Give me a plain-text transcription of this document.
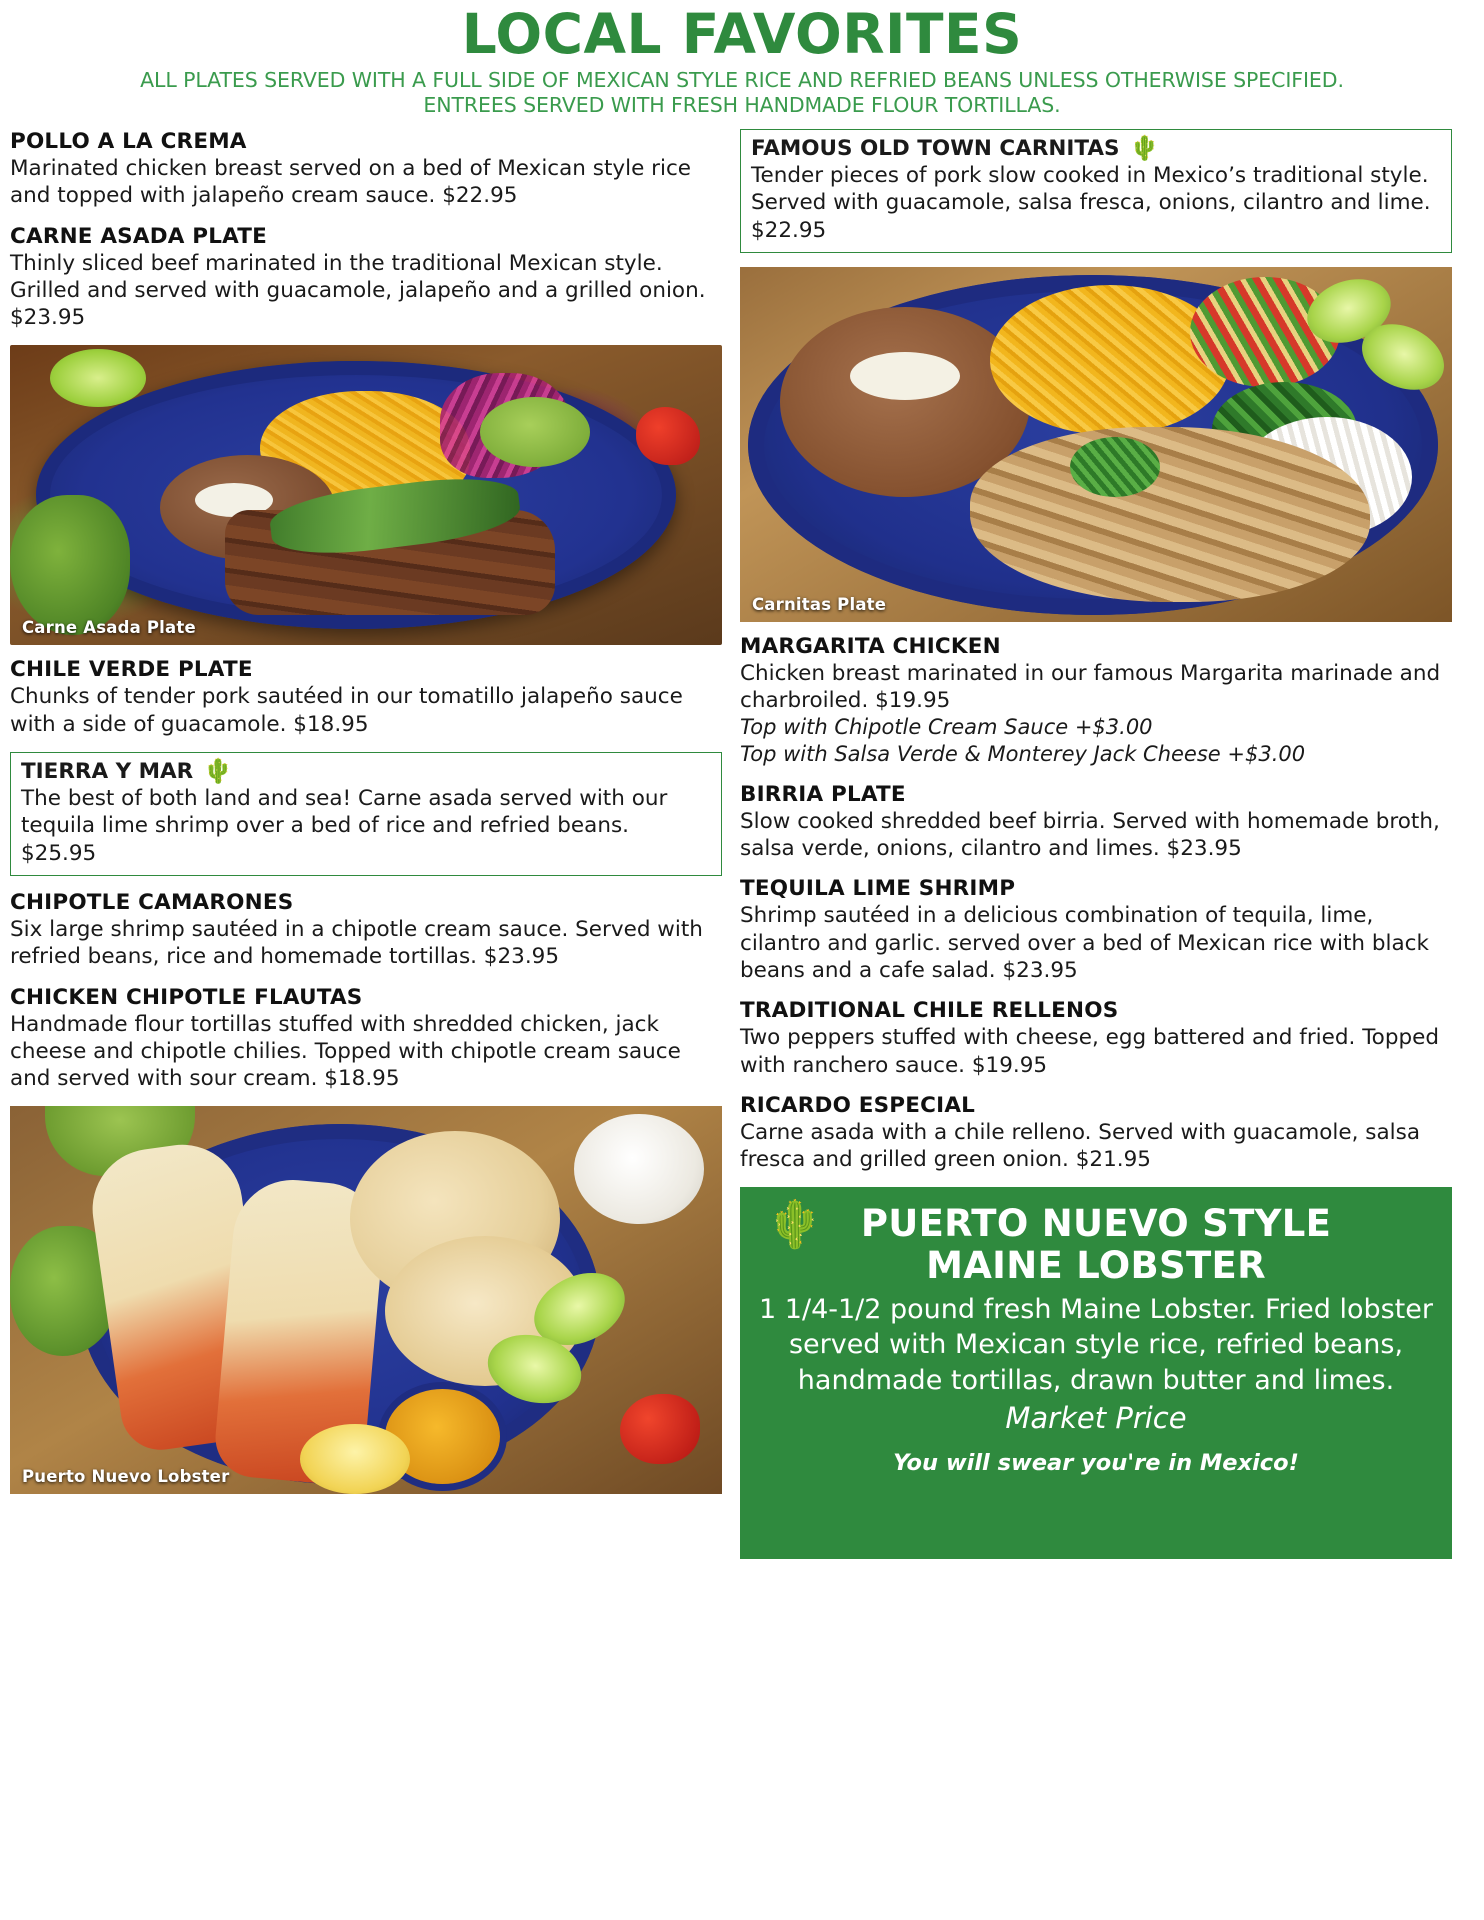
LOCAL FAVORITES
ALL PLATES SERVED WITH A FULL SIDE OF MEXICAN STYLE RICE AND REFRIED BEANS UNLESS OTHERWISE SPECIFIED.
ENTREES SERVED WITH FRESH HANDMADE FLOUR TORTILLAS.
POLLO A LA CREMA

Marinated chicken breast served on a bed of Mexican style rice and topped with jalapeño cream sauce. $22.95

CARNE ASADA PLATE

Thinly sliced beef marinated in the traditional Mexican style. Grilled and served with guacamole, jalapeño and a grilled onion. $23.95

Carne Asada Plate
CHILE VERDE PLATE

Chunks of tender pork sautéed in our tomatillo jalapeño sauce with a side of guacamole. $18.95

TIERRA Y MAR 🌵

The best of both land and sea! Carne asada served with our tequila lime shrimp over a bed of rice and refried beans. $25.95

CHIPOTLE CAMARONES

Six large shrimp sautéed in a chipotle cream sauce. Served with refried beans, rice and homemade tortillas. $23.95

CHICKEN CHIPOTLE FLAUTAS

Handmade flour tortillas stuffed with shredded chicken, jack cheese and chipotle chilies. Topped with chipotle cream sauce and served with sour cream. $18.95

Puerto Nuevo Lobster
FAMOUS OLD TOWN CARNITAS 🌵

Tender pieces of pork slow cooked in Mexico’s traditional style. Served with guacamole, salsa fresca, onions, cilantro and lime. $22.95

Carnitas Plate
MARGARITA CHICKEN

Chicken breast marinated in our famous Margarita marinade and charbroiled. $19.95

Top with Chipotle Cream Sauce +$3.00

Top with Salsa Verde & Monterey Jack Cheese +$3.00

BIRRIA PLATE

Slow cooked shredded beef birria. Served with homemade broth, salsa verde, onions, cilantro and limes. $23.95

TEQUILA LIME SHRIMP

Shrimp sautéed in a delicious combination of tequila, lime, cilantro and garlic. served over a bed of Mexican rice with black beans and a cafe salad. $23.95

TRADITIONAL CHILE RELLENOS

Two peppers stuffed with cheese, egg battered and fried. Topped with ranchero sauce. $19.95

RICARDO ESPECIAL

Carne asada with a chile relleno. Served with guacamole, salsa fresca and grilled green onion. $21.95

🌵	PUERTO NUEVO STYLE
MAINE LOBSTER

1 1/4-1/2 pound fresh Maine Lobster. Fried lobster served with Mexican style rice, refried beans, handmade tortillas, drawn butter and limes.

Market Price

You will swear you're in Mexico!
